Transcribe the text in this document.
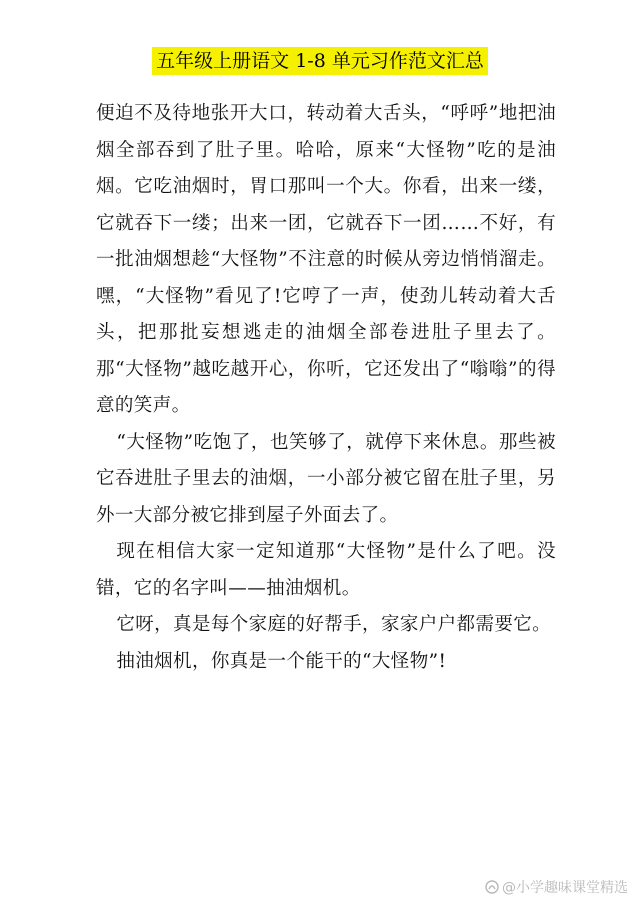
五年级上册语文 1-8 单元习作范文汇总

便迫不及待地张开大口，转动着大舌头，“呼呼”地把油烟全部吞到了肚子里。哈哈，原来“大怪物”吃的是油烟。它吃油烟时，胃口那叫一个大。你看，出来一缕，它就吞下一缕；出来一团，它就吞下一团……不好，有一批油烟想趁“大怪物”不注意的时候从旁边悄悄溜走。嘿，“大怪物”看见了!它哼了一声，使劲儿转动着大舌头，把那批妄想逃走的油烟全部卷进肚子里去了。那“大怪物”越吃越开心，你听，它还发出了“嗡嗡”的得意的笑声。

“大怪物”吃饱了，也笑够了，就停下来休息。那些被它吞进肚子里去的油烟，一小部分被它留在肚子里，另外一大部分被它排到屋子外面去了。

现在相信大家一定知道那“大怪物”是什么了吧。没错，它的名字叫——抽油烟机。

它呀，真是每个家庭的好帮手，家家户户都需要它。

抽油烟机，你真是一个能干的“大怪物”!

@小学趣味课堂精选
